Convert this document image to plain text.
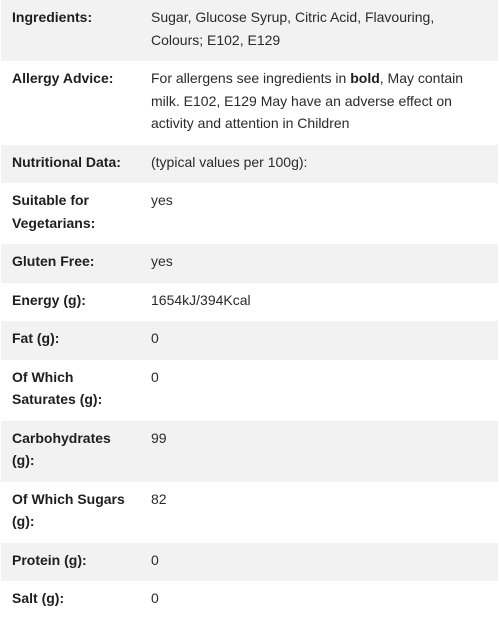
Ingredients:	Sugar, Glucose Syrup, Citric Acid, Flavouring, Colours; E102, E129
Allergy Advice:	For allergens see ingredients in bold, May contain milk. E102, E129 May have an adverse effect on activity and attention in Children
Nutritional Data:	(typical values per 100g):
Suitable for Vegetarians:	yes
Gluten Free:	yes
Energy (g):	1654kJ/394Kcal
Fat (g):	0
Of Which Saturates (g):	0
Carbohydrates (g):	99
Of Which Sugars (g):	82
Protein (g):	0
Salt (g):	0
